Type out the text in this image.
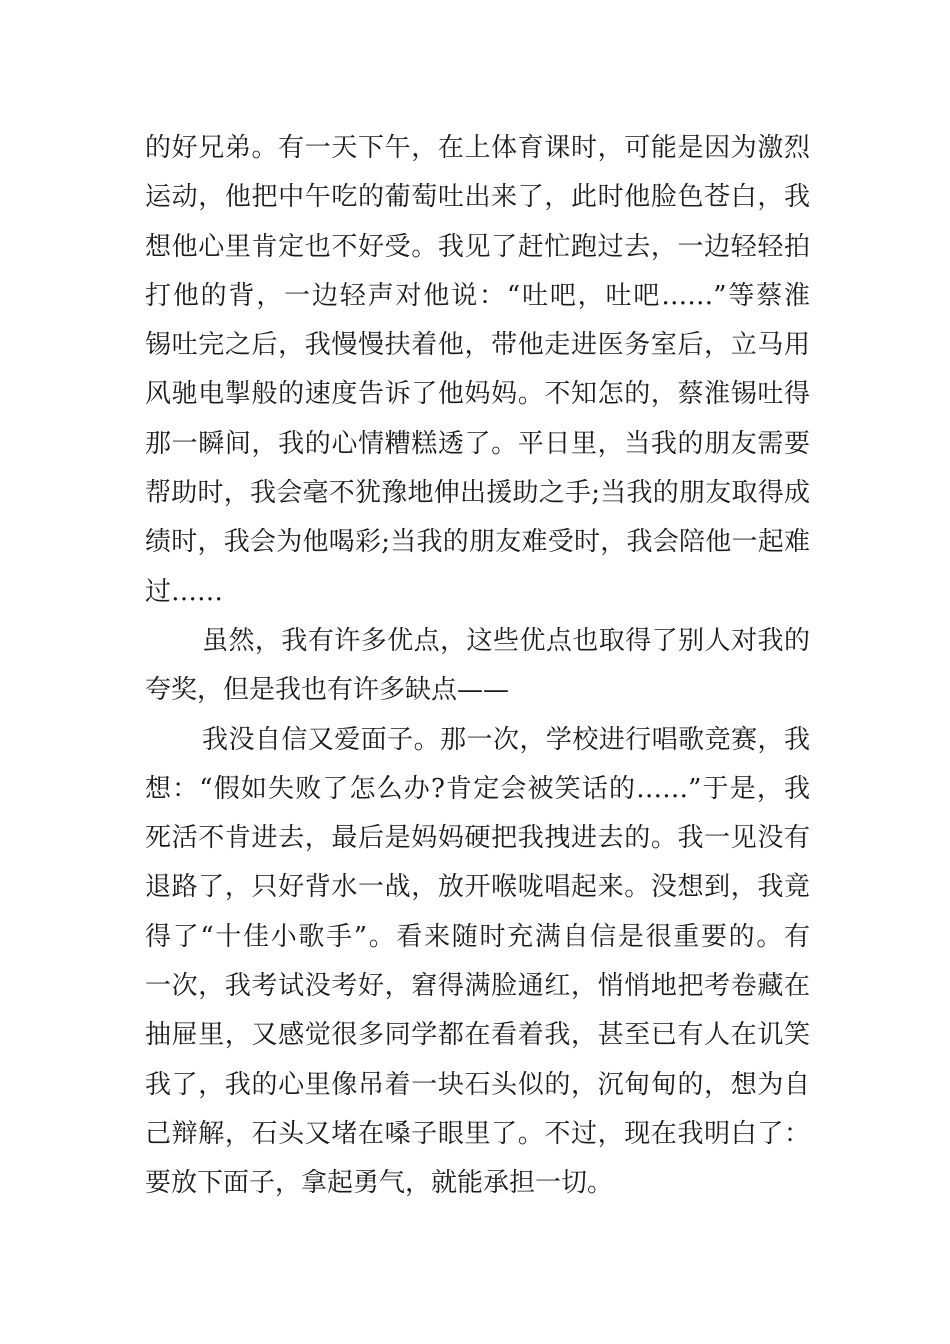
的好兄弟。有一天下午，在上体育课时，可能是因为激烈
运动，他把中午吃的葡萄吐出来了，此时他脸色苍白，我
想他心里肯定也不好受。我见了赶忙跑过去，一边轻轻拍
打他的背，一边轻声对他说：“吐吧，吐吧……”等蔡淮
锡吐完之后，我慢慢扶着他，带他走进医务室后，立马用
风驰电掣般的速度告诉了他妈妈。不知怎的，蔡淮锡吐得
那一瞬间，我的心情糟糕透了。平日里，当我的朋友需要
帮助时，我会毫不犹豫地伸出援助之手;当我的朋友取得成
绩时，我会为他喝彩;当我的朋友难受时，我会陪他一起难
过……
虽然，我有许多优点，这些优点也取得了别人对我的
夸奖，但是我也有许多缺点——
我没自信又爱面子。那一次，学校进行唱歌竞赛，我
想：“假如失败了怎么办?肯定会被笑话的……”于是，我
死活不肯进去，最后是妈妈硬把我拽进去的。我一见没有
退路了，只好背水一战，放开喉咙唱起来。没想到，我竟
得了“十佳小歌手”。看来随时充满自信是很重要的。有
一次，我考试没考好，窘得满脸通红，悄悄地把考卷藏在
抽屉里，又感觉很多同学都在看着我，甚至已有人在讥笑
我了，我的心里像吊着一块石头似的，沉甸甸的，想为自
己辩解，石头又堵在嗓子眼里了。不过，现在我明白了：
要放下面子，拿起勇气，就能承担一切。
